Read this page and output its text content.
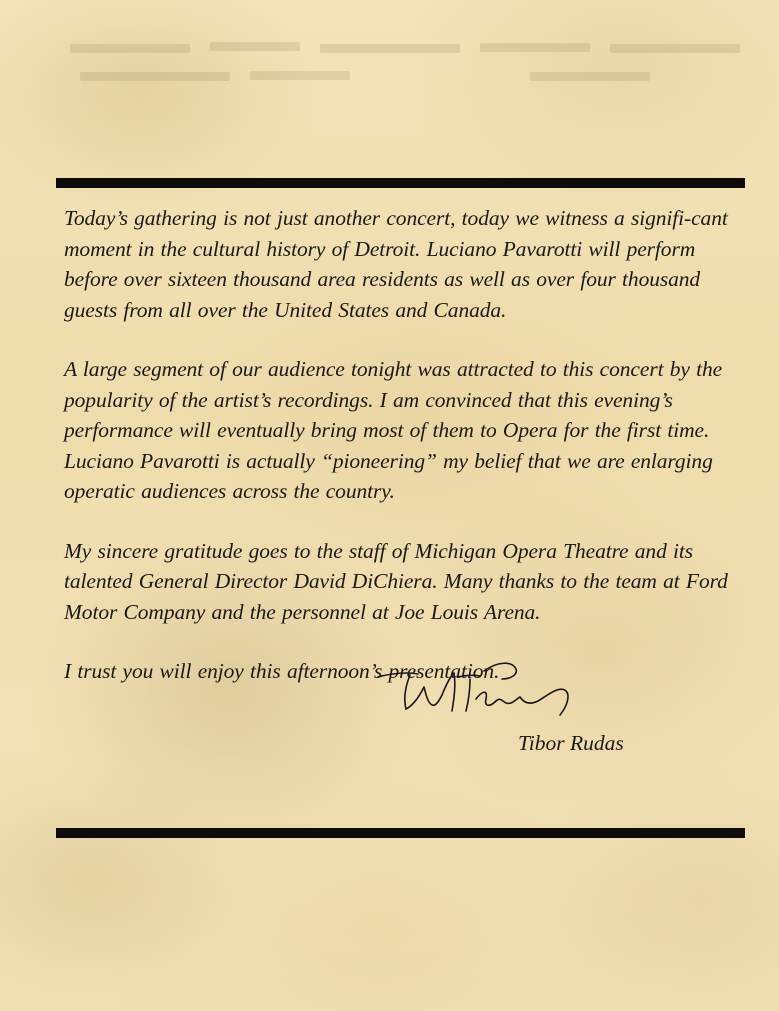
Today’s gathering is not just another concert, today we witness a signifi-cant moment in the cultural history of Detroit. Luciano Pavarotti will perform before over sixteen thousand area residents as well as over four thousand guests from all over the United States and Canada.

A large segment of our audience tonight was attracted to this concert by the popularity of the artist’s recordings. I am convinced that this evening’s performance will eventually bring most of them to Opera for the first time. Luciano Pavarotti is actually “pioneering” my belief that we are enlarging operatic audiences across the country.

My sincere gratitude goes to the staff of Michigan Opera Theatre and its talented General Director David DiChiera. Many thanks to the team at Ford Motor Company and the personnel at Joe Louis Arena.

I trust you will enjoy this afternoon’s presentation.

Tibor Rudas
